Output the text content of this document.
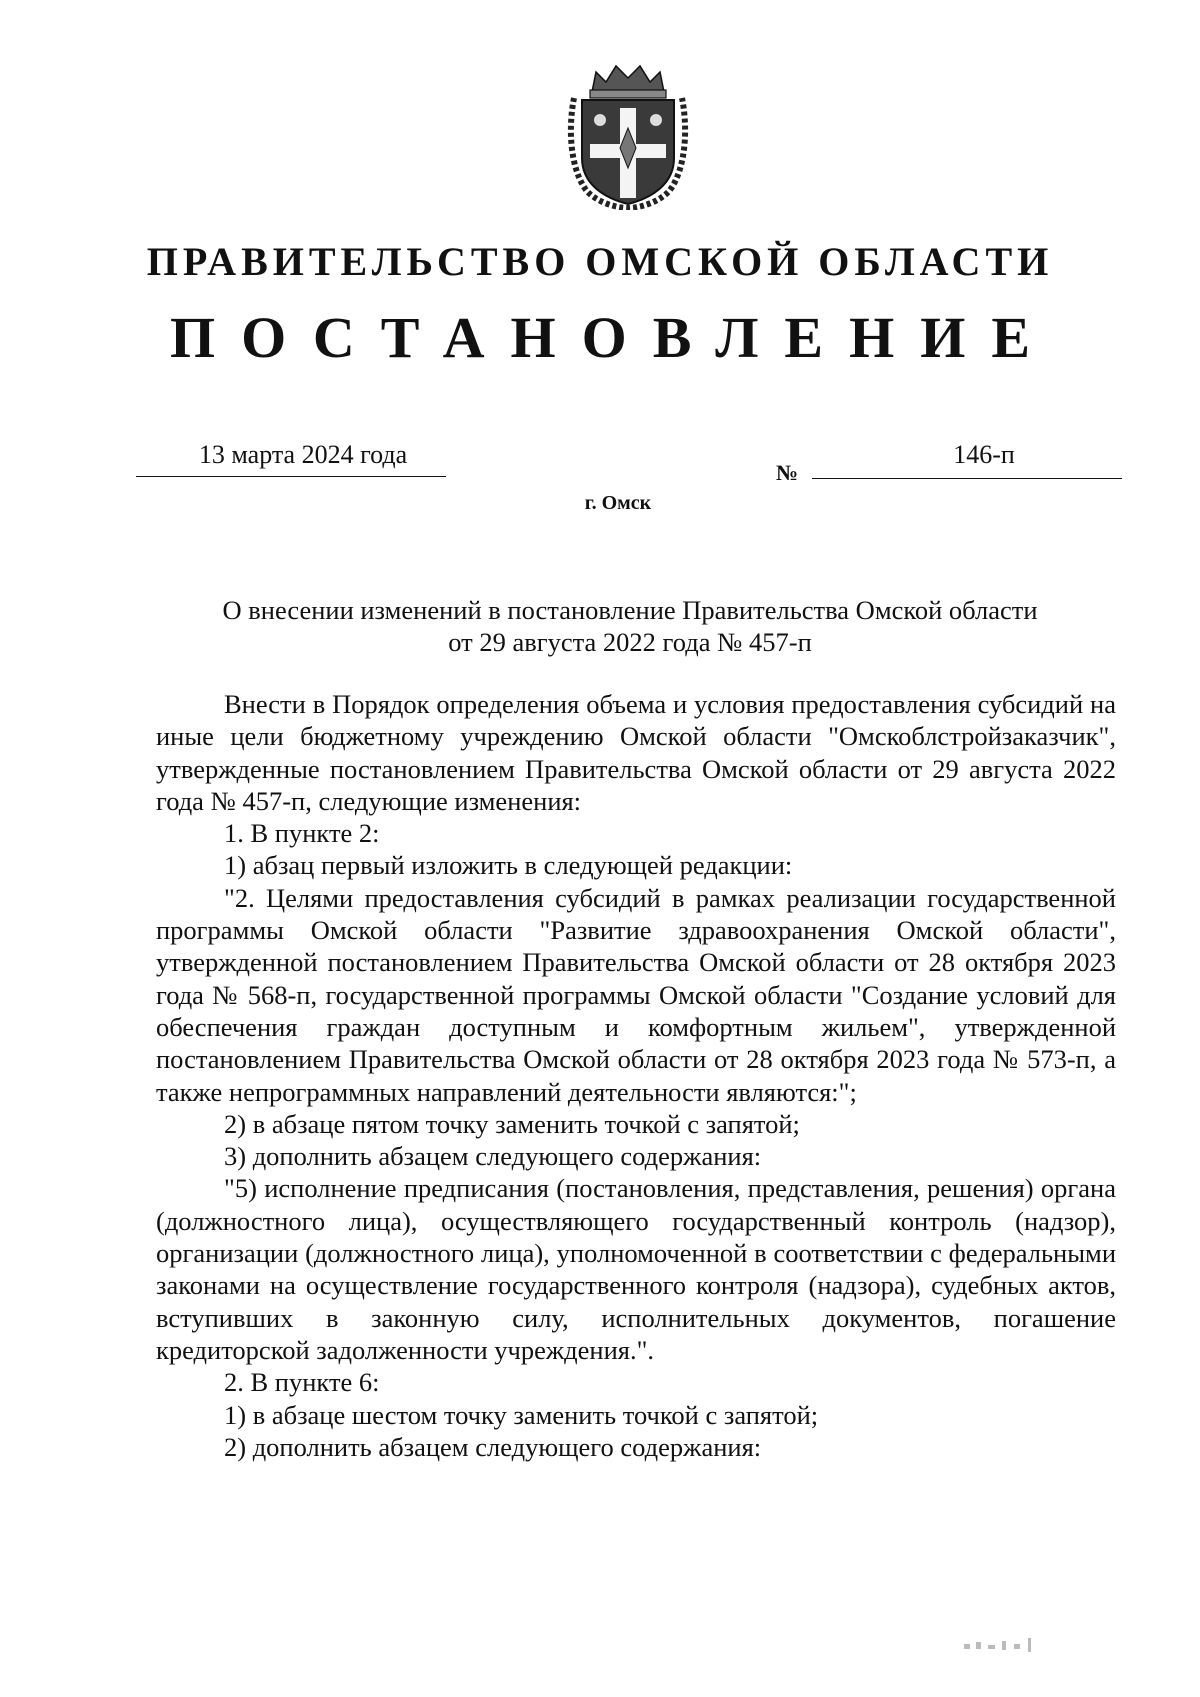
ПРАВИТЕЛЬСТВО ОМСКОЙ ОБЛАСТИ
ПОСТАНОВЛЕНИЕ
13 марта 2024 года
№
146-п
г. Омск
О внесении изменений в постановление Правительства Омской области
от 29 августа 2022 года № 457-п

Внести в Порядок определения объема и условия предоставления субсидий на иные цели бюджетному учреждению Омской области "Омскоблстройзаказчик", утвержденные постановлением Правительства Омской области от 29 августа 2022 года № 457-п, следующие изменения:

1. В пункте 2:

1) абзац первый изложить в следующей редакции:

"2. Целями предоставления субсидий в рамках реализации государственной программы Омской области "Развитие здравоохранения Омской области", утвержденной постановлением Правительства Омской области от 28 октября 2023 года № 568-п, государственной программы Омской области "Создание условий для обеспечения граждан доступным и комфортным жильем", утвержденной постановлением Правительства Омской области от 28 октября 2023 года № 573-п, а также непрограммных направлений деятельности являются:";

2) в абзаце пятом точку заменить точкой с запятой;

3) дополнить абзацем следующего содержания:

"5) исполнение предписания (постановления, представления, решения) органа (должностного лица), осуществляющего государственный контроль (надзор), организации (должностного лица), уполномоченной в соответствии с федеральными законами на осуществление государственного контроля (надзора), судебных актов, вступивших в законную силу, исполнительных документов, погашение кредиторской задолженности учреждения.".

2. В пункте 6:

1) в абзаце шестом точку заменить точкой с запятой;

2) дополнить абзацем следующего содержания:
